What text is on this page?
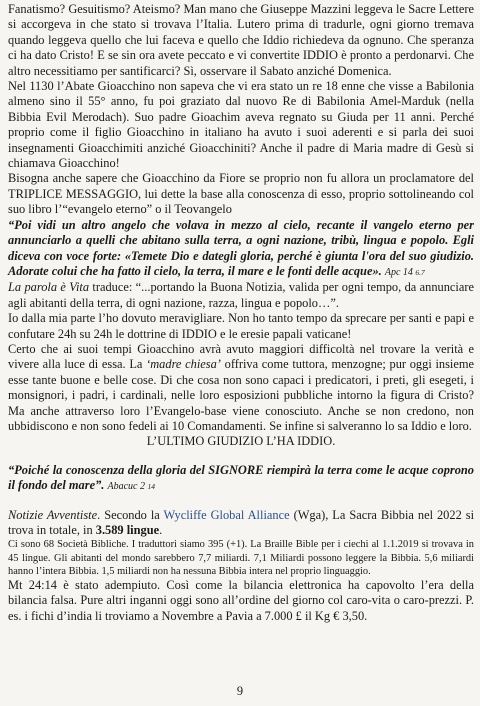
Fanatismo? Gesuitismo? Ateismo? Man mano che Giuseppe Mazzini leggeva le Sacre Lettere si accorgeva in che stato si trovava l’Italia. Lutero prima di tradurle, ogni giorno tremava quando leggeva quello che lui faceva e quello che Iddio richiedeva da ognuno. Che speranza ci ha dato Cristo! E se sin ora avete peccato e vi convertite IDDIO è pronto a perdonarvi. Che altro necessitiamo per santificarci? Sì, osservare il Sabato anziché Domenica.

Nel 1130 l’Abate Gioacchino non sapeva che vi era stato un re 18 enne che visse a Babilonia almeno sino il 55° anno, fu poi graziato dal nuovo Re di Babilonia Amel-Marduk (nella Bibbia Evil Merodach). Suo padre Gioachim aveva regnato su Giuda per 11 anni. Perché proprio come il figlio Gioacchino in italiano ha avuto i suoi aderenti e si parla dei suoi insegnamenti Gioacchimiti anziché Gioacchiniti? Anche il padre di Maria madre di Gesù si chiamava Gioacchino!

Bisogna anche sapere che Gioacchino da Fiore se proprio non fu allora un proclamatore del TRIPLICE MESSAGGIO, lui dette la base alla conoscenza di esso, proprio sottolineando col suo libro l’“evangelo eterno” o il Teovangelo

“Poi vidi un altro angelo che volava in mezzo al cielo, recante il vangelo eterno per annunciarlo a quelli che abitano sulla terra, a ogni nazione, tribù, lingua e popolo. Egli diceva con voce forte: «Temete Dio e dategli gloria, perché è giunta l'ora del suo giudizio. Adorate colui che ha fatto il cielo, la terra, il mare e le fonti delle acque». Apc 14 6.7

La parola è Vita traduce: “...portando la Buona Notizia, valida per ogni tempo, da annunciare agli abitanti della terra, di ogni nazione, razza, lingua e popolo…”.

Io dalla mia parte l’ho dovuto meravigliare. Non ho tanto tempo da sprecare per santi e papi e confutare 24h su 24h le dottrine di IDDIO e le eresie papali vaticane!

Certo che ai suoi tempi Gioacchino avrà avuto maggiori difficoltà nel trovare la verità e vivere alla luce di essa. La ‘madre chiesa’ offriva come tuttora, menzogne; pur oggi insieme esse tante buone e belle cose. Di che cosa non sono capaci i predicatori, i preti, gli esegeti, i monsignori, i padri, i cardinali, nelle loro esposizioni pubbliche intorno la figura di Cristo? Ma anche attraverso loro l’Evangelo-base viene conosciuto. Anche se non credono, non ubbidiscono e non sono fedeli ai 10 Comandamenti. Se infine si salveranno lo sa Iddio e loro.

L’ULTIMO GIUDIZIO L’HA IDDIO.

“Poiché la conoscenza della gloria del SIGNORE riempirà la terra come le acque coprono il fondo del mare”. Abacuc 2 14

Notizie Avventiste. Secondo la Wycliffe Global Alliance (Wga), La Sacra Bibbia nel 2022 si trova in totale, in 3.589 lingue.

Ci sono 68 Società Bibliche. I traduttori siamo 395 (+1). La Braille Bible per i ciechi al 1.1.2019 si trovava in 45 lingue. Gli abitanti del mondo sarebbero 7,7 miliardi. 7,1 Miliardi possono leggere la Bibbia. 5,6 miliardi hanno l’intera Bibbia. 1,5 miliardi non ha nessuna Bibbia intera nel proprio linguaggio.

Mt 24:14 è stato adempiuto. Così come la bilancia elettronica ha capovolto l’era della bilancia falsa. Pure altri inganni oggi sono all’ordine del giorno col caro-vita o caro-prezzi. P. es. i fichi d’india li troviamo a Novembre a Pavia a 7.000 £ il Kg € 3,50.

9
